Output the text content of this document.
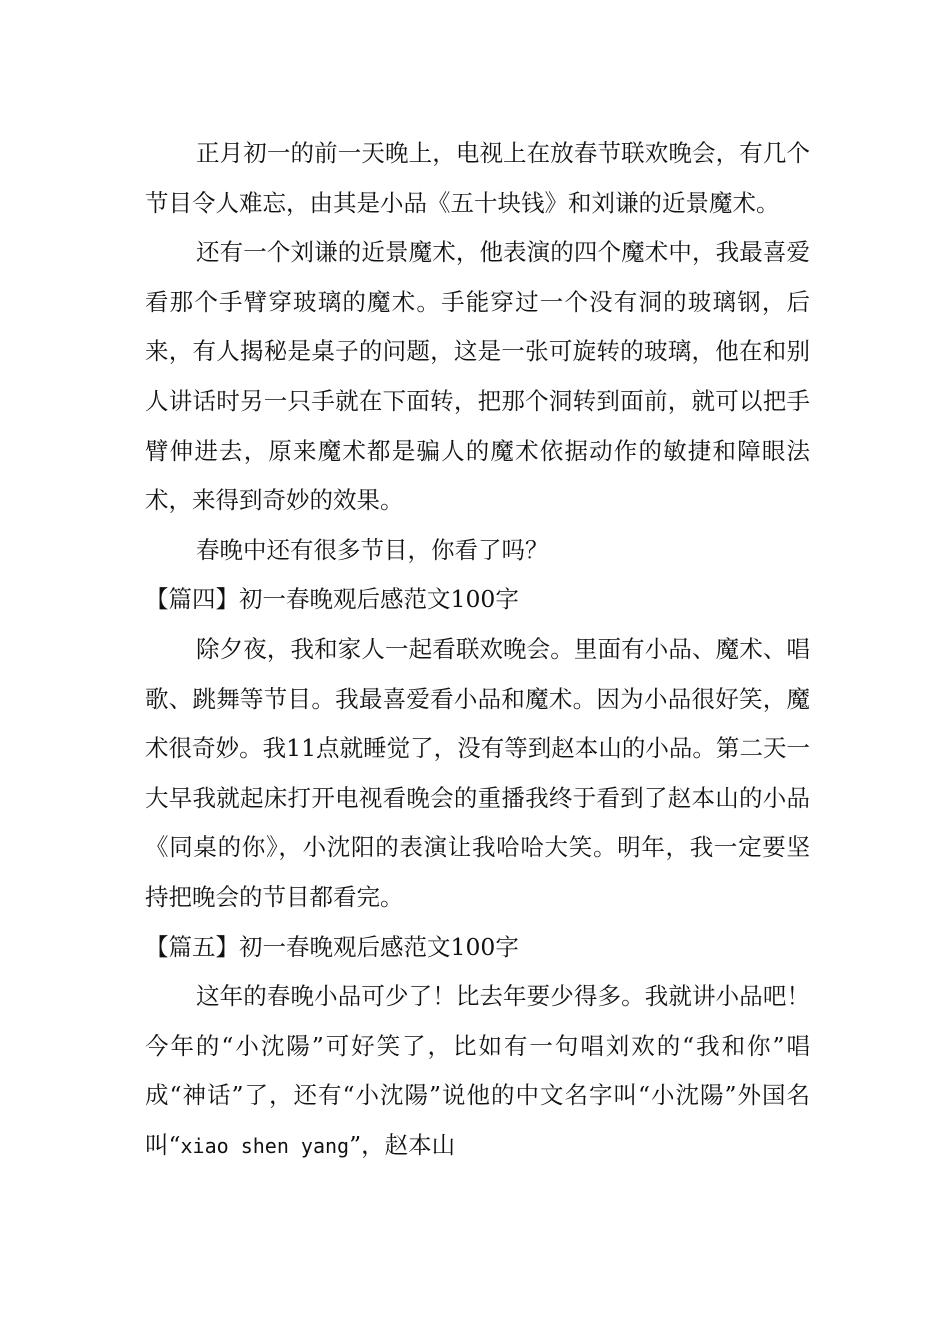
正月初一的前一天晚上，电视上在放春节联欢晚会，有几个节目令人难忘，由其是小品《五十块钱》和刘谦的近景魔术。

还有一个刘谦的近景魔术，他表演的四个魔术中，我最喜爱看那个手臂穿玻璃的魔术。手能穿过一个没有洞的玻璃钢，后来，有人揭秘是桌子的问题，这是一张可旋转的玻璃，他在和别人讲话时另一只手就在下面转，把那个洞转到面前，就可以把手臂伸进去，原来魔术都是骗人的魔术依据动作的敏捷和障眼法术，来得到奇妙的效果。

春晚中还有很多节目，你看了吗？

【篇四】初一春晚观后感范文100字

除夕夜，我和家人一起看联欢晚会。里面有小品、魔术、唱歌、跳舞等节目。我最喜爱看小品和魔术。因为小品很好笑，魔术很奇妙。我11点就睡觉了，没有等到赵本山的小品。第二天一大早我就起床打开电视看晚会的重播我终于看到了赵本山的小品《同桌的你》，小沈阳的表演让我哈哈大笑。明年，我一定要坚持把晚会的节目都看完。

【篇五】初一春晚观后感范文100字

这年的春晚小品可少了！比去年要少得多。我就讲小品吧！今年的“小沈陽”可好笑了，比如有一句唱刘欢的“我和你”唱成“神话”了，还有“小沈陽”说他的中文名字叫“小沈陽”外国名叫“xiao shen yang”，赵本山
